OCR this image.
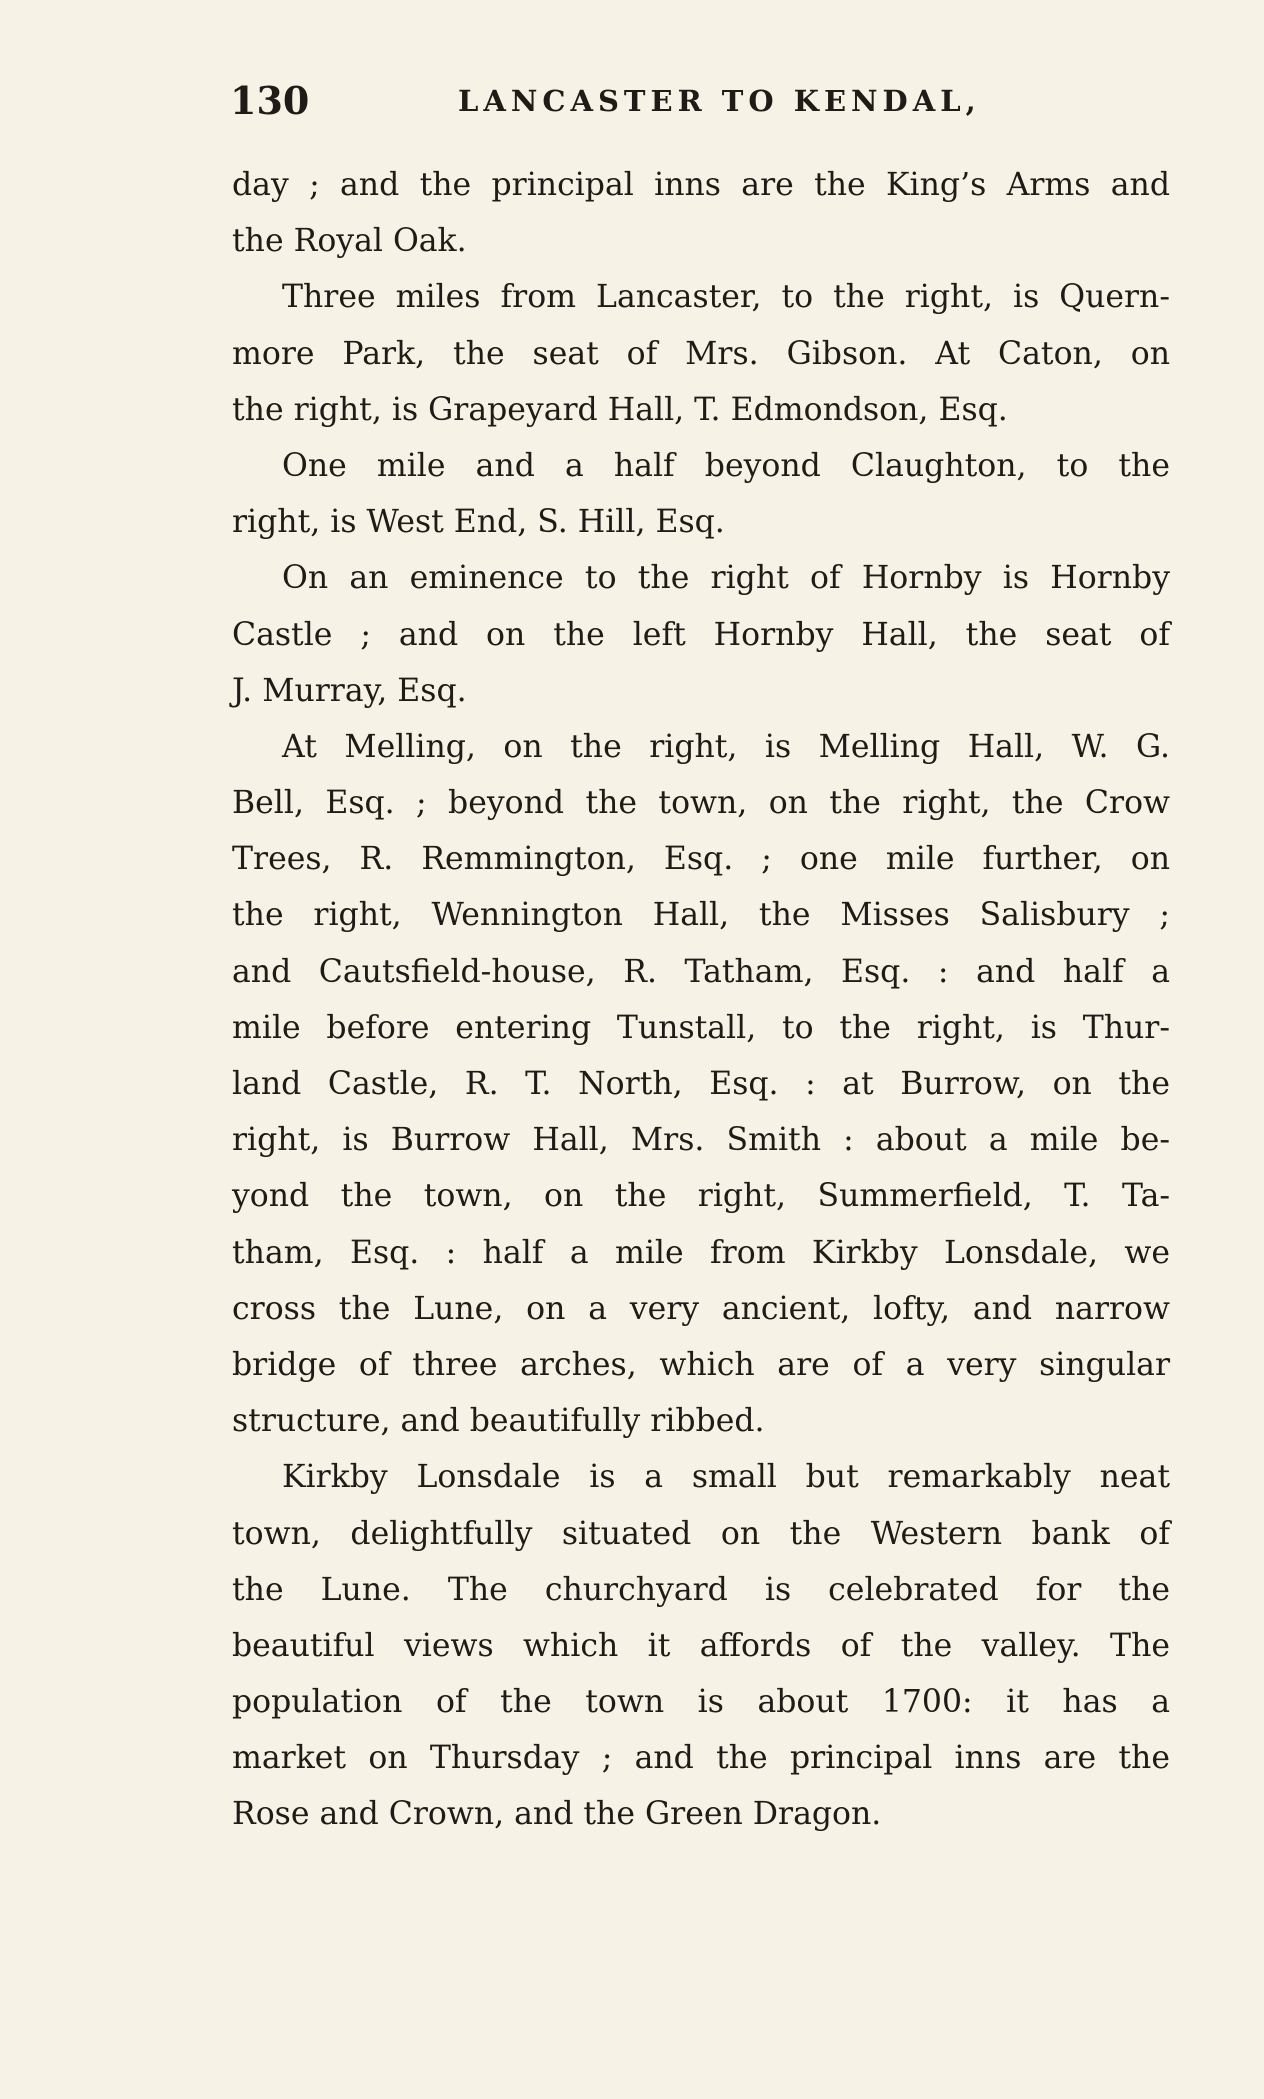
130	LANCASTER TO KENDAL,
day ; and the principal inns are the King’s Arms and
the Royal Oak.
Three miles from Lancaster, to the right, is Quern-
more Park, the seat of Mrs. Gibson. At Caton, on
the right, is Grapeyard Hall, T. Edmondson, Esq.
One mile and a half beyond Claughton, to the
right, is West End, S. Hill, Esq.
On an eminence to the right of Hornby is Hornby
Castle ; and on the left Hornby Hall, the seat of
J. Murray, Esq.
At Melling, on the right, is Melling Hall, W. G.
Bell, Esq. ; beyond the town, on the right, the Crow
Trees, R. Remmington, Esq. ; one mile further, on
the right, Wennington Hall, the Misses Salisbury ;
and Cautsfield-house, R. Tatham, Esq. : and half a
mile before entering Tunstall, to the right, is Thur-
land Castle, R. T. North, Esq. : at Burrow, on the
right, is Burrow Hall, Mrs. Smith : about a mile be-
yond the town, on the right, Summerfield, T. Ta-
tham, Esq. : half a mile from Kirkby Lonsdale, we
cross the Lune, on a very ancient, lofty, and narrow
bridge of three arches, which are of a very singular
structure, and beautifully ribbed.
Kirkby Lonsdale is a small but remarkably neat
town, delightfully situated on the Western bank of
the Lune. The churchyard is celebrated for the
beautiful views which it affords of the valley. The
population of the town is about 1700: it has a
market on Thursday ; and the principal inns are the
Rose and Crown, and the Green Dragon.
